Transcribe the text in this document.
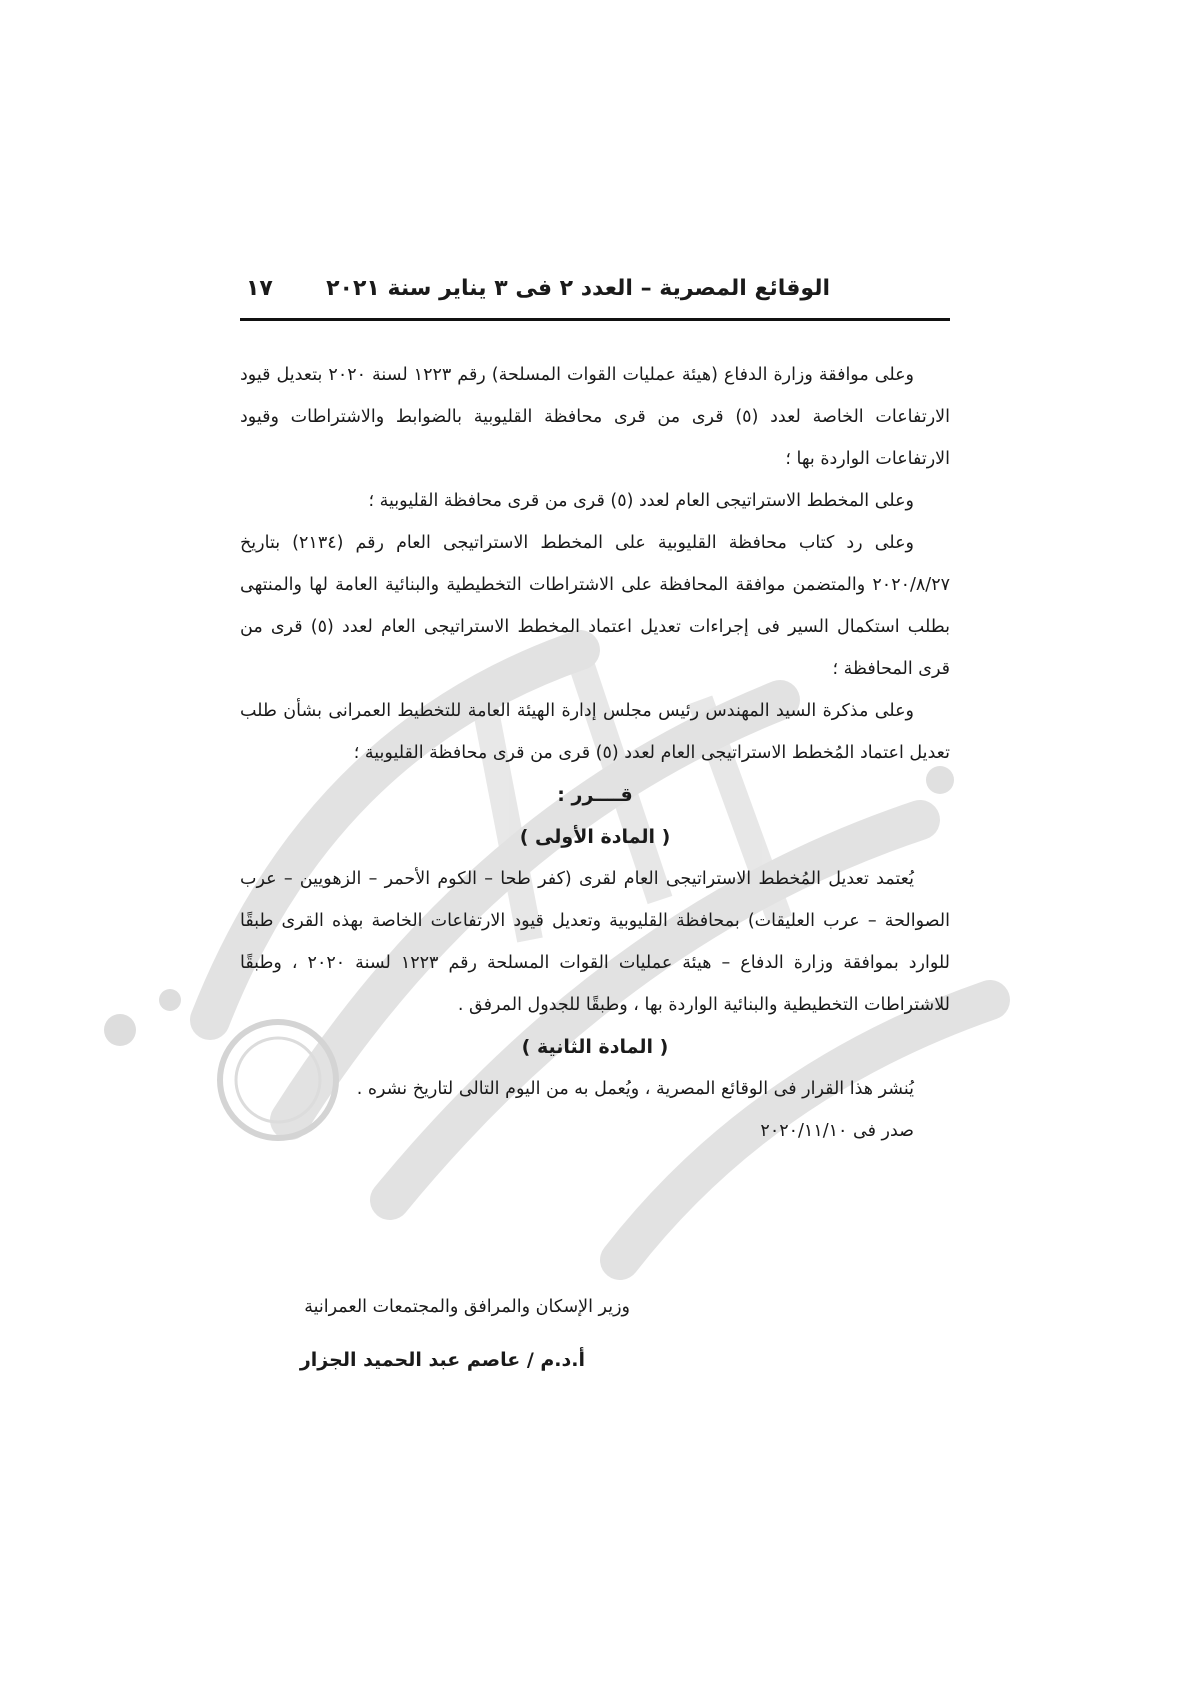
الوقائع المصرية – العدد ٢ فى ٣ يناير سنة ٢٠٢١
١٧

وعلى موافقة وزارة الدفاع (هيئة عمليات القوات المسلحة) رقم ١٢٢٣ لسنة ٢٠٢٠ بتعديل قيود الارتفاعات الخاصة لعدد (٥) قرى من قرى محافظة القليوبية بالضوابط والاشتراطات وقيود الارتفاعات الواردة بها ؛

وعلى المخطط الاستراتيجى العام لعدد (٥) قرى من قرى محافظة القليوبية ؛

وعلى رد كتاب محافظة القليوبية على المخطط الاستراتيجى العام رقم (٢١٣٤) بتاريخ ٢٠٢٠/٨/٢٧ والمتضمن موافقة المحافظة على الاشتراطات التخطيطية والبنائية العامة لها والمنتهى بطلب استكمال السير فى إجراءات تعديل اعتماد المخطط الاستراتيجى العام لعدد (٥) قرى من قرى المحافظة ؛

وعلى مذكرة السيد المهندس رئيس مجلس إدارة الهيئة العامة للتخطيط العمرانى بشأن طلب تعديل اعتماد المُخطط الاستراتيجى العام لعدد (٥) قرى من قرى محافظة القليوبية ؛

قــــرر :

( المادة الأولى )

يُعتمد تعديل المُخطط الاستراتيجى العام لقرى (كفر طحا – الكوم الأحمر – الزهويين – عرب الصوالحة – عرب العليقات) بمحافظة القليوبية وتعديل قيود الارتفاعات الخاصة بهذه القرى طبقًا للوارد بموافقة وزارة الدفاع – هيئة عمليات القوات المسلحة رقم ١٢٢٣ لسنة ٢٠٢٠ ، وطبقًا للاشتراطات التخطيطية والبنائية الواردة بها ، وطبقًا للجدول المرفق .

( المادة الثانية )

يُنشر هذا القرار فى الوقائع المصرية ، ويُعمل به من اليوم التالى لتاريخ نشره .

صدر فى ٢٠٢٠/١١/١٠

وزير الإسكان والمرافق والمجتمعات العمرانية
أ.د.م / عاصم عبد الحميد الجزار
